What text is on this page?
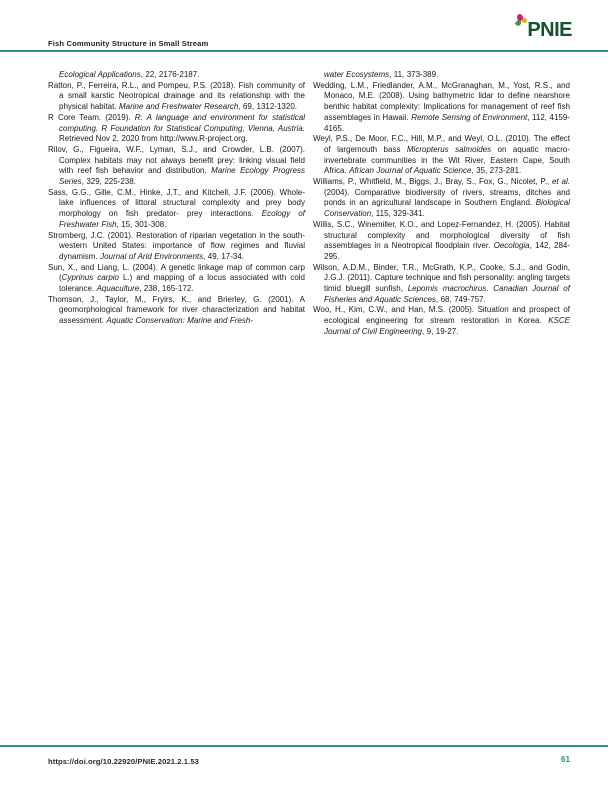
Fish Community Structure in Small Stream
PNIE

Ecological Applications, 22, 2176-2187.

Ratton, P., Ferreira, R.L., and Pompeu, P.S. (2018). Fish community of a small karstic Neotropical drainage and its relationship with the physical habitat. Marine and Freshwater Research, 69, 1312-1320.

R Core Team. (2019). R: A language and environment for statistical computing. R Foundation for Statistical Computing, Vienna, Austria. Retrieved Nov 2, 2020 from http://www.R-project.org.

Rilov, G., Figueira, W.F., Lyman, S.J., and Crowder, L.B. (2007). Complex habitats may not always benefit prey: linking visual field with reef fish behavior and distribution. Marine Ecology Progress Series, 329, 225-238.

Sass, G.G., Gille, C.M., Hinke, J.T., and Kitchell, J.F. (2006). Whole-lake influences of littoral structural complexity and prey body morphology on fish predator- prey interactions. Ecology of Freshwater Fish, 15, 301-308.

Stromberg, J.C. (2001). Restoration of riparian vegetation in the south-western United States: importance of flow regimes and fluvial dynamism. Journal of Arid Environments, 49, 17-34.

Sun, X., and Liang, L. (2004). A genetic linkage map of common carp (Cyprinus carpio L.) and mapping of a locus associated with cold tolerance. Aquaculture, 238, 165-172.

Thomson, J., Taylor, M., Fryirs, K., and Brierley, G. (2001). A geomorphological framework for river characterization and habitat assessment. Aquatic Conservation: Marine and Fresh-

water Ecosystems, 11, 373-389.

Wedding, L.M., Friedlander, A.M., McGranaghan, M., Yost, R.S., and Monaco, M.E. (2008). Using bathymetric lidar to define nearshore benthic habitat complexity: Implications for management of reef fish assemblages in Hawaii. Remote Sensing of Environment, 112, 4159-4165.

Weyl, P.S., De Moor, F.C., Hill, M.P., and Weyl, O.L. (2010). The effect of largemouth bass Micropterus salmoides on aquatic macro-invertebrate communities in the Wit River, Eastern Cape, South Africa. African Journal of Aquatic Science, 35, 273-281.

Williams, P., Whitfield, M., Biggs, J., Bray, S., Fox, G., Nicolet, P., et al. (2004). Comparative biodiversity of rivers, streams, ditches and ponds in an agricultural landscape in Southern England. Biological Conservation, 115, 329-341.

Willis, S.C., Winemiller, K.O., and Lopez-Fernandez, H. (2005). Habitat structural complexity and morphological diversity of fish assemblages in a Neotropical floodplain river. Oecologia, 142, 284-295.

Wilson, A.D.M., Binder, T.R., McGrath, K.P., Cooke, S.J., and Godin, J.G.J. (2011). Capture technique and fish personality: angling targets timid bluegill sunfish, Lepomis macrochirus. Canadian Journal of Fisheries and Aquatic Sciences, 68, 749-757.

Woo, H., Kim, C.W., and Han, M.S. (2005). Situation and prospect of ecological engineering for stream restoration in Korea. KSCE Journal of Civil Engineering, 9, 19-27.

https://doi.org/10.22920/PNIE.2021.2.1.53	61
